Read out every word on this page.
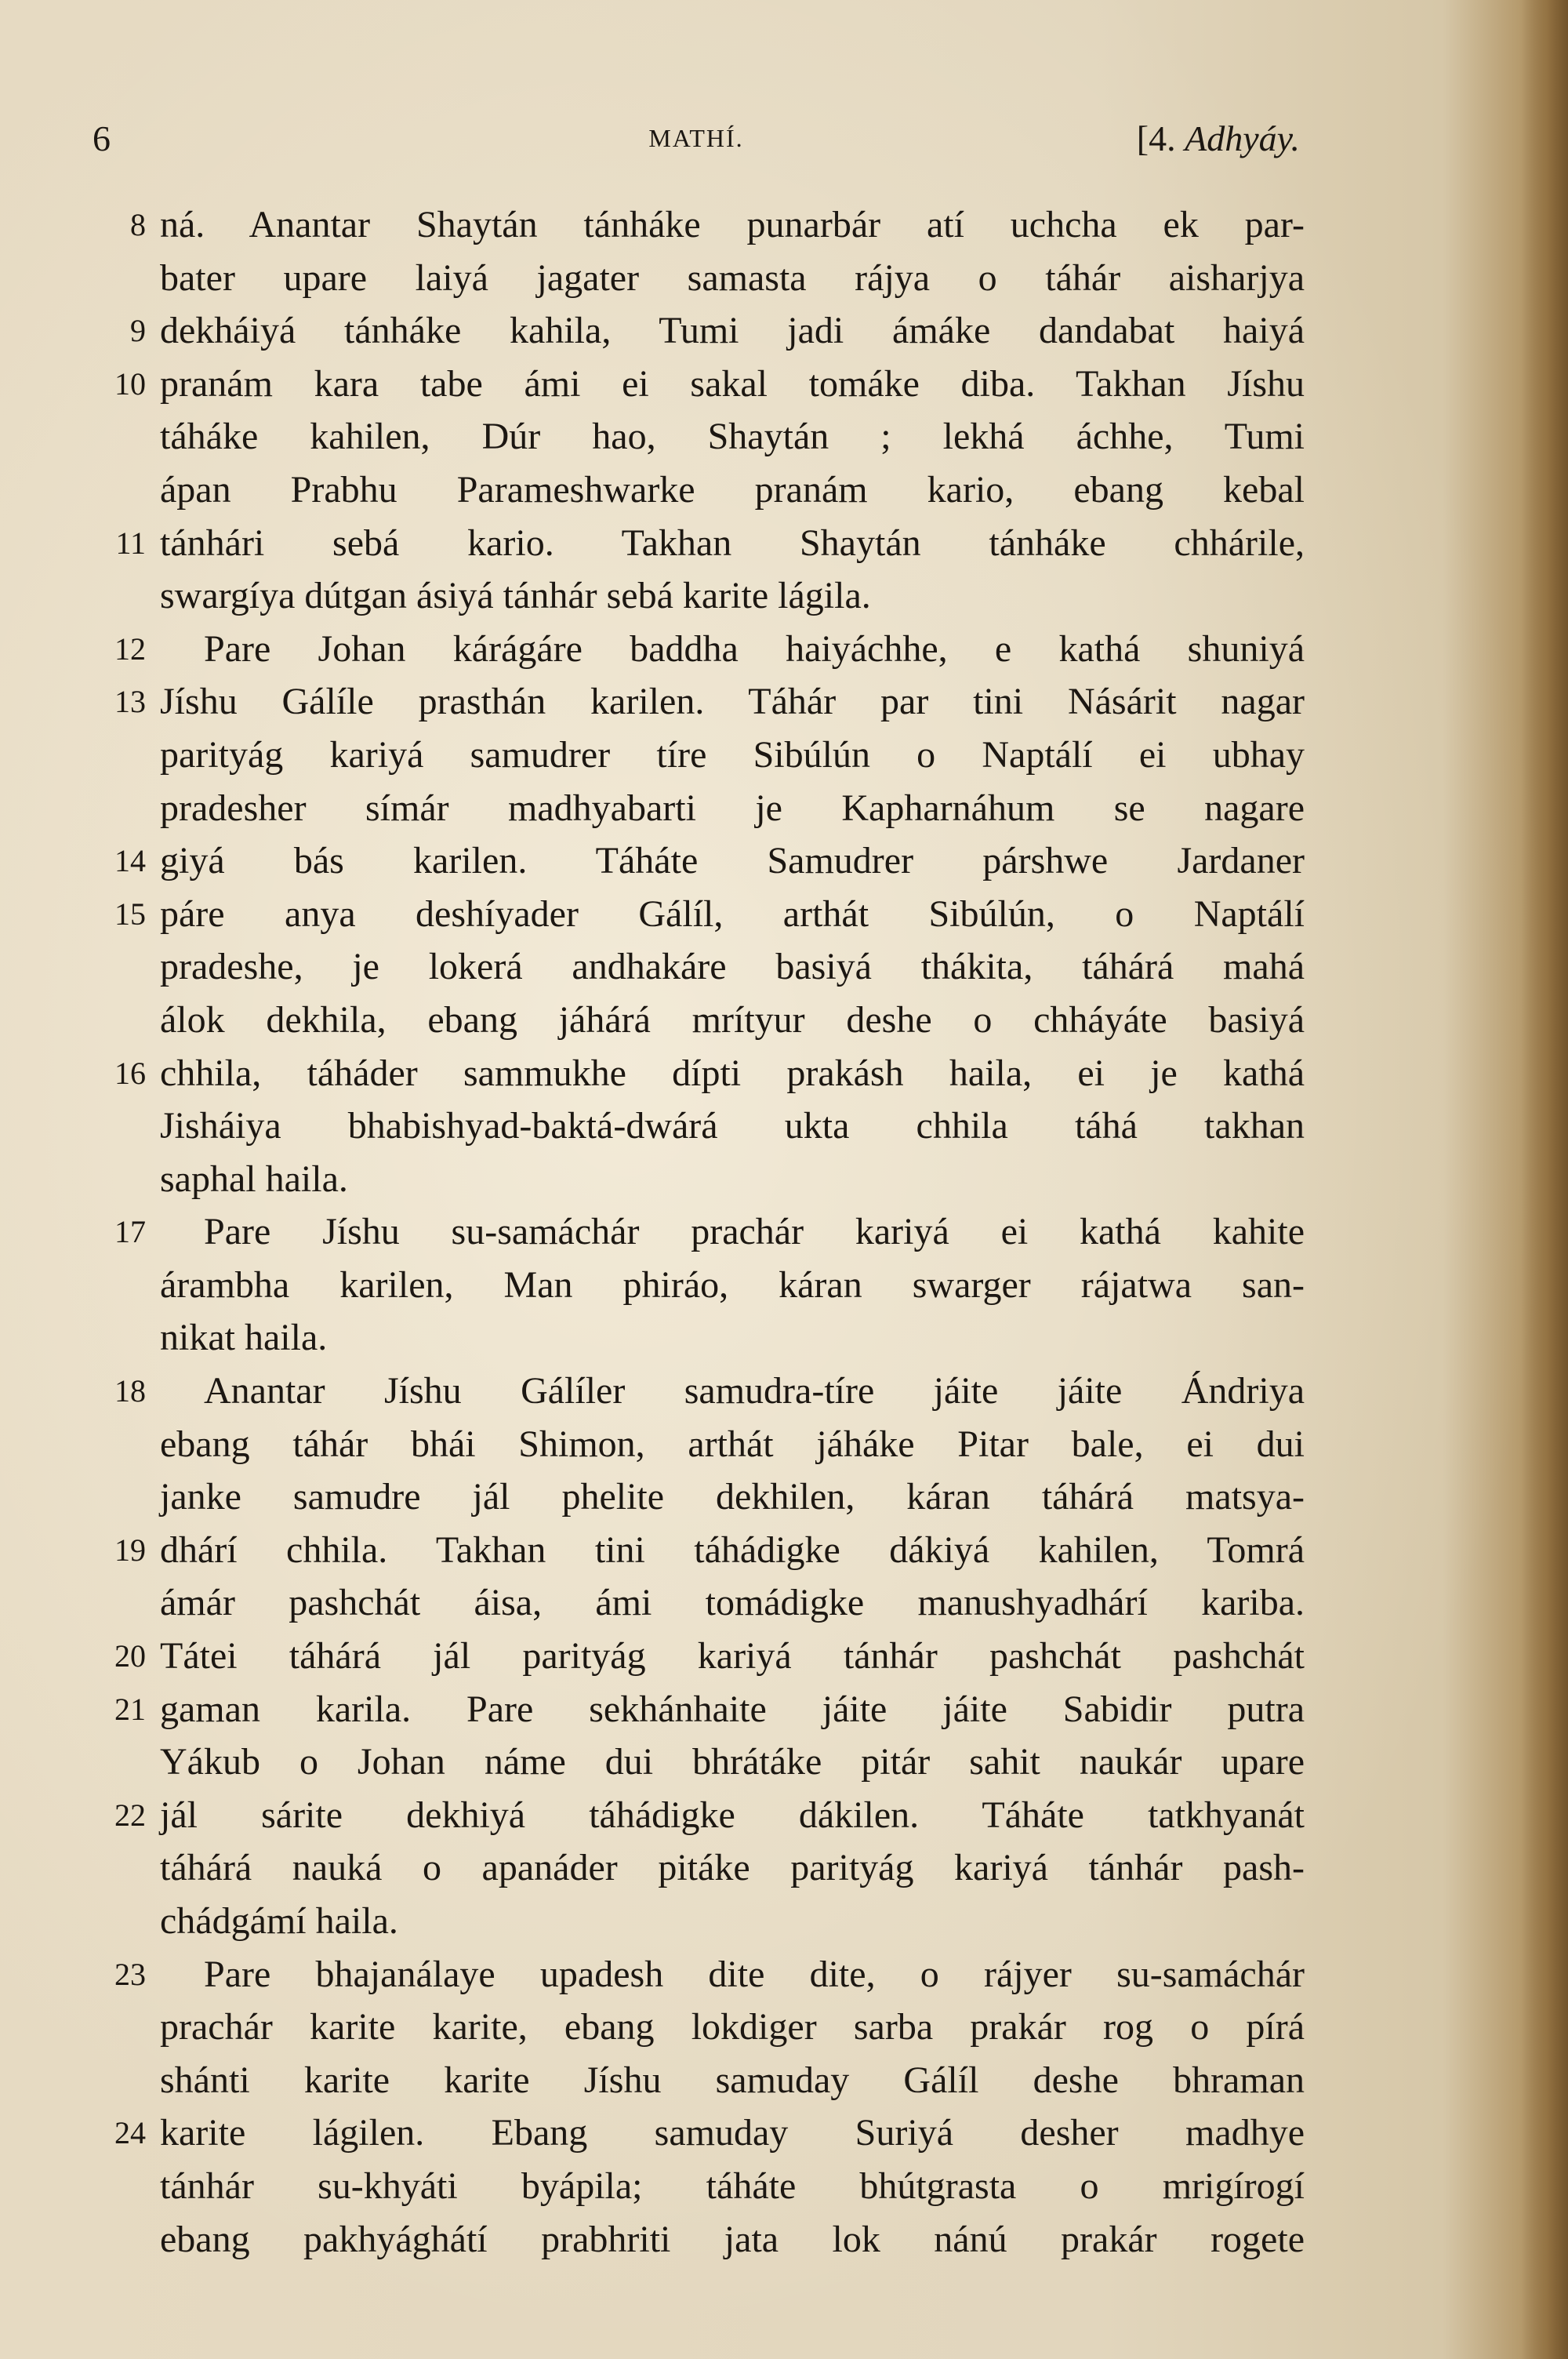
6	MATHÍ.	[4. Adhyáy.
8 ná. Anantar Shaytán tánháke punarbár atí uchcha ek par-
bater upare laiyá jagater samasta rájya o táhár aisharjya
9 dekháiyá tánháke kahila, Tumi jadi ámáke dandabat haiyá
10 pranám kara tabe ámi ei sakal tomáke diba. Takhan Jíshu
táháke kahilen, Dúr hao, Shaytán ; lekhá áchhe, Tumi
ápan Prabhu Parameshwarke pranám kario, ebang kebal
11 tánhári sebá kario. Takhan Shaytán tánháke chhárile,
swargíya dútgan ásiyá tánhár sebá karite lágila.
12 Pare Johan kárágáre baddha haiyáchhe, e kathá shuniyá
13 Jíshu Gálíle prasthán karilen. Táhár par tini Násárit nagar
parityág kariyá samudrer tíre Sibúlún o Naptálí ei ubhay
pradesher símár madhyabarti je Kapharnáhum se nagare
14 giyá bás karilen. Táháte Samudrer párshwe Jardaner
15 páre anya deshíyader Gálíl, arthát Sibúlún, o Naptálí
pradeshe, je lokerá andhakáre basiyá thákita, táhárá mahá
álok dekhila, ebang jáhárá mrítyur deshe o chháyáte basiyá
16 chhila, táháder sammukhe dípti prakásh haila, ei je kathá
Jisháiya bhabishyad-baktá-dwárá ukta chhila táhá takhan
saphal haila.
17 Pare Jíshu su-samáchár prachár kariyá ei kathá kahite
árambha karilen, Man phiráo, káran swarger rájatwa san-
nikat haila.
18 Anantar Jíshu Gálíler samudra-tíre jáite jáite Ándriya
ebang táhár bhái Shimon, arthát jáháke Pitar bale, ei dui
janke samudre jál phelite dekhilen, káran táhárá matsya-
19 dhárí chhila. Takhan tini táhádigke dákiyá kahilen, Tomrá
ámár pashchát áisa, ámi tomádigke manushyadhárí kariba.
20 Tátei táhárá jál parityág kariyá tánhár pashchát pashchát
21 gaman karila. Pare sekhánhaite jáite jáite Sabidir putra
Yákub o Johan náme dui bhrátáke pitár sahit naukár upare
22 jál sárite dekhiyá táhádigke dákilen. Táháte tatkhyanát
táhárá nauká o apanáder pitáke parityág kariyá tánhár pash-
chádgámí haila.
23 Pare bhajanálaye upadesh dite dite, o rájyer su-samáchár
prachár karite karite, ebang lokdiger sarba prakár rog o pírá
shánti karite karite Jíshu samuday Gálíl deshe bhraman
24 karite lágilen. Ebang samuday Suriyá desher madhye
tánhár su-khyáti byápila; táháte bhútgrasta o mrigírogí
ebang pakhyághátí prabhriti jata lok nánú prakár rogete
